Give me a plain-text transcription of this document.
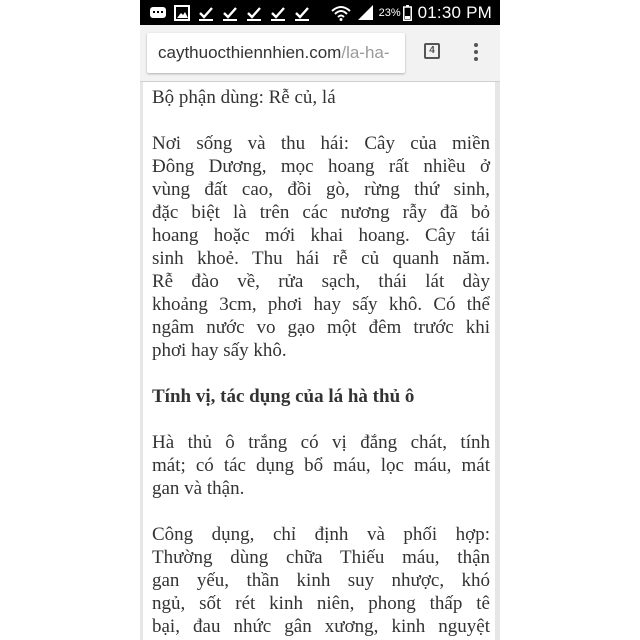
23% 01:30 PM
caythuocthiennhien.com/la-ha-	4
Bộ phận dùng: Rễ củ, lá
Nơi sống và thu hái: Cây của miền
Đông Dương, mọc hoang rất nhiều ở
vùng đất cao, đồi gò, rừng thứ sinh,
đặc biệt là trên các nương rẫy đã bỏ
hoang hoặc mới khai hoang. Cây tái
sinh khoẻ. Thu hái rễ củ quanh năm.
Rễ đào về, rửa sạch, thái lát dày
khoảng 3cm, phơi hay sấy khô. Có thể
ngâm nước vo gạo một đêm trước khi
phơi hay sấy khô.
Tính vị, tác dụng của lá hà thủ ô
Hà thủ ô trắng có vị đắng chát, tính
mát; có tác dụng bổ máu, lọc máu, mát
gan và thận.
Công dụng, chỉ định và phối hợp:
Thường dùng chữa Thiếu máu, thận
gan yếu, thần kinh suy nhược, khó
ngủ, sốt rét kinh niên, phong thấp tê
bại, đau nhức gân xương, kinh nguyệt
